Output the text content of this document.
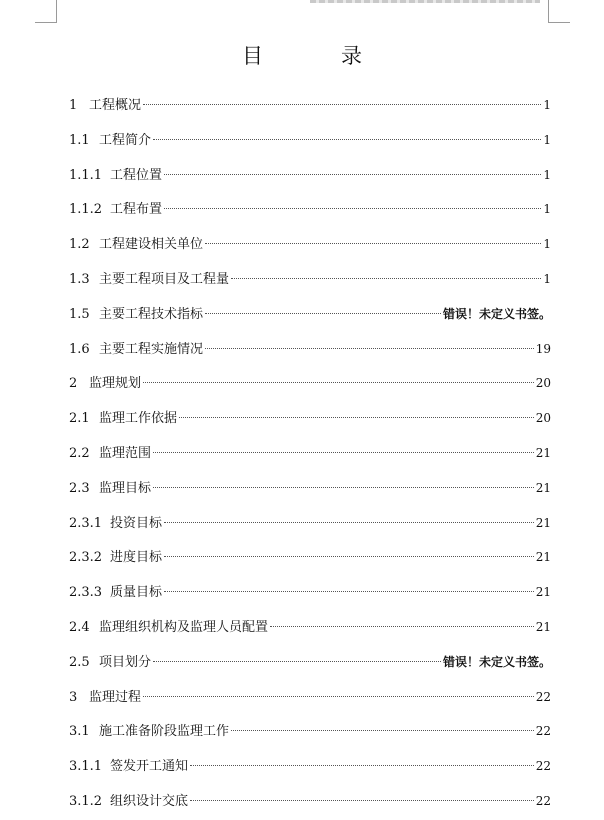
目	录
1 工程概况	1
1.1 工程简介	1
1.1.1 工程位置	1
1.1.2 工程布置	1
1.2 工程建设相关单位	1
1.3 主要工程项目及工程量	1
1.5 主要工程技术指标	错误！未定义书签。
1.6 主要工程实施情况	19
2 监理规划	20
2.1 监理工作依据	20
2.2 监理范围	21
2.3 监理目标	21
2.3.1 投资目标	21
2.3.2 进度目标	21
2.3.3 质量目标	21
2.4 监理组织机构及监理人员配置	21
2.5 项目划分	错误！未定义书签。
3 监理过程	22
3.1 施工准备阶段监理工作	22
3.1.1 签发开工通知	22
3.1.2 组织设计交底	22
